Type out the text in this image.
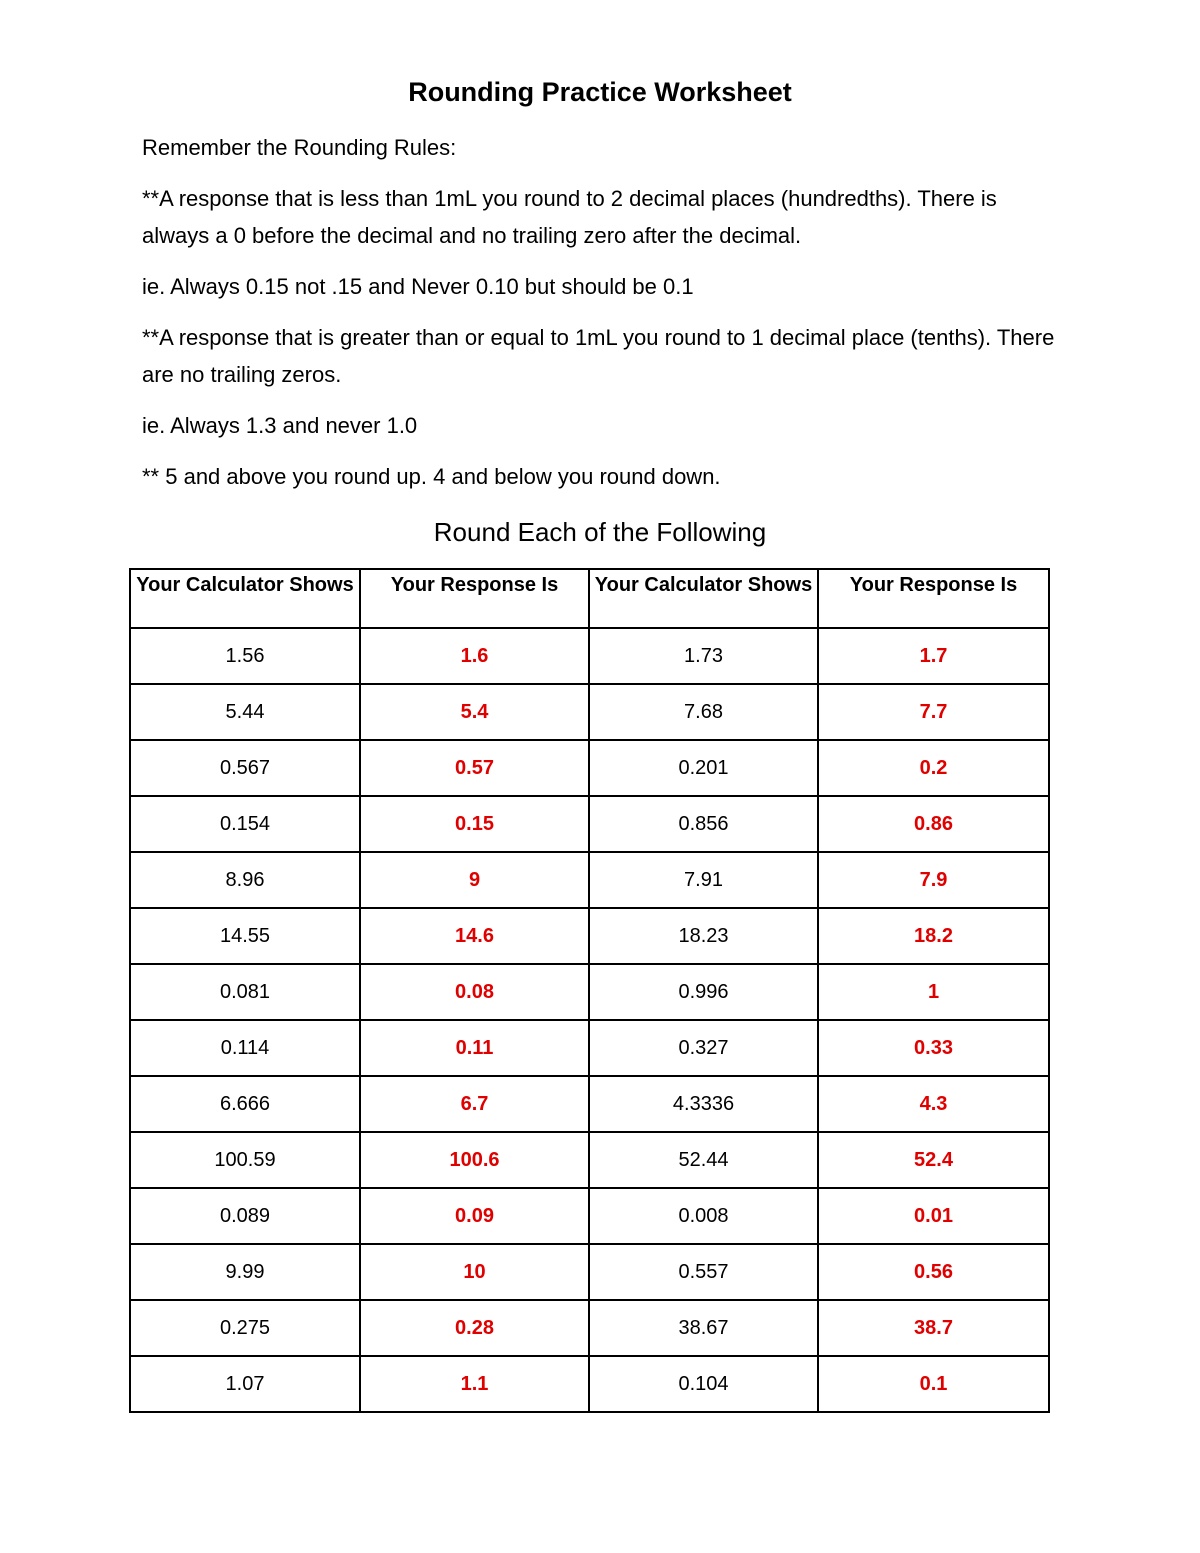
Rounding Practice Worksheet

Remember the Rounding Rules:

**A response that is less than 1mL you round to 2 decimal places (hundredths). There is always a 0 before the decimal and no trailing zero after the decimal.

ie. Always 0.15 not .15 and Never 0.10 but should be 0.1

**A response that is greater than or equal to 1mL you round to 1 decimal place (tenths). There are no trailing zeros.

ie. Always 1.3 and never 1.0

** 5 and above you round up. 4 and below you round down.

Round Each of the Following
Your Calculator Shows	Your Response Is	Your Calculator Shows	Your Response Is
1.56	1.6	1.73	1.7
5.44	5.4	7.68	7.7
0.567	0.57	0.201	0.2
0.154	0.15	0.856	0.86
8.96	9	7.91	7.9
14.55	14.6	18.23	18.2
0.081	0.08	0.996	1
0.114	0.11	0.327	0.33
6.666	6.7	4.3336	4.3
100.59	100.6	52.44	52.4
0.089	0.09	0.008	0.01
9.99	10	0.557	0.56
0.275	0.28	38.67	38.7
1.07	1.1	0.104	0.1
